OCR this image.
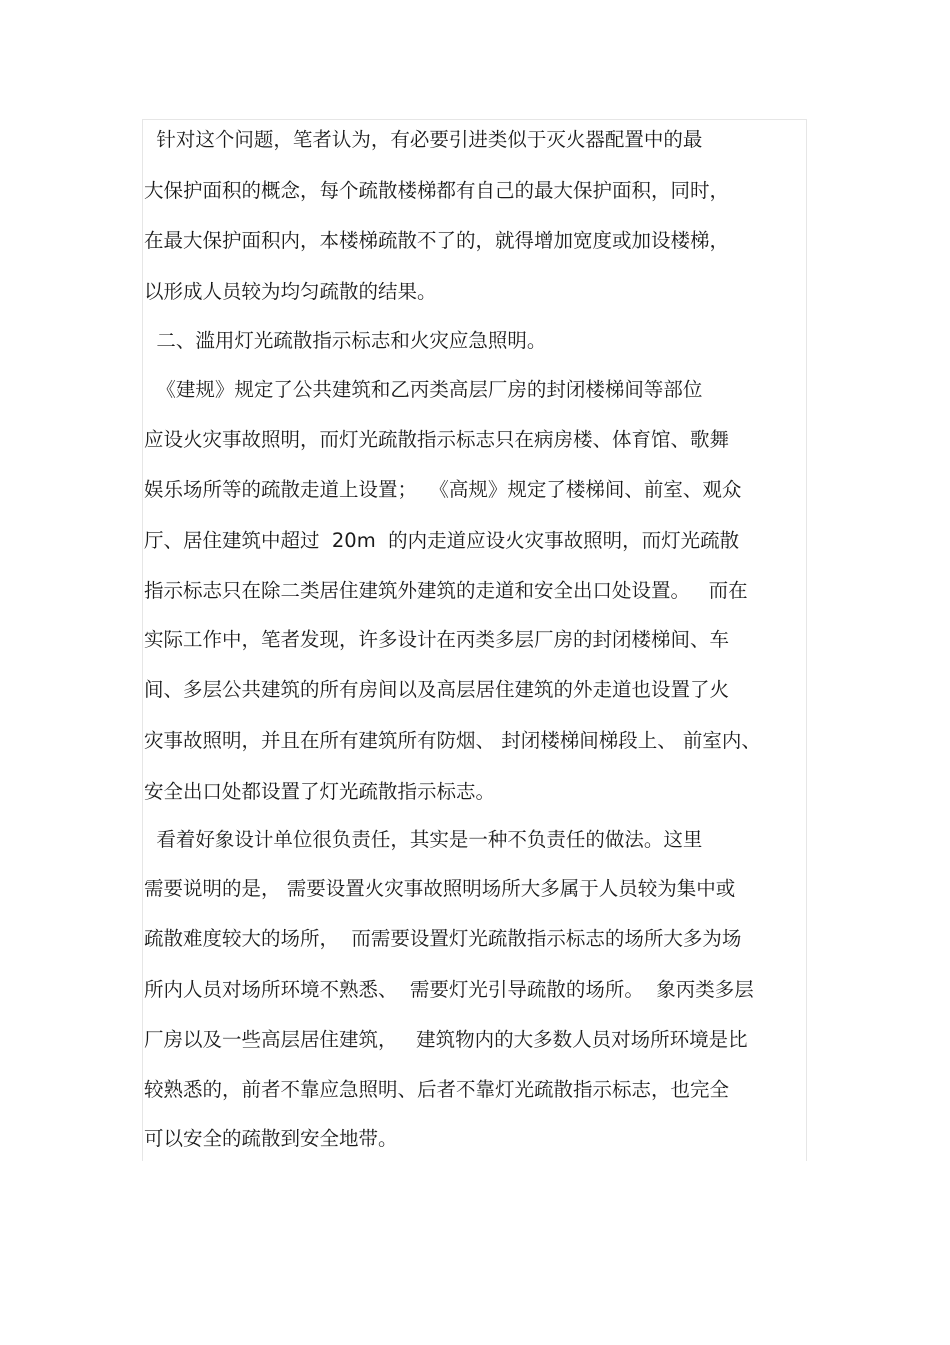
针对这个问题，笔者认为，有必要引进类似于灭火器配置中的最
大保护面积的概念，每个疏散楼梯都有自己的最大保护面积，同时，
在最大保护面积内，本楼梯疏散不了的，就得增加宽度或加设楼梯，
以形成人员较为均匀疏散的结果。
二、滥用灯光疏散指示标志和火灾应急照明。
《建规》规定了公共建筑和乙丙类高层厂房的封闭楼梯间等部位
应设火灾事故照明，而灯光疏散指示标志只在病房楼、体育馆、歌舞
娱乐场所等的疏散走道上设置；  《高规》规定了楼梯间、前室、观众
厅、居住建筑中超过  20m  的内走道应设火灾事故照明，而灯光疏散
指示标志只在除二类居住建筑外建筑的走道和安全出口处设置。   而在
实际工作中，笔者发现，许多设计在丙类多层厂房的封闭楼梯间、车
间、多层公共建筑的所有房间以及高层居住建筑的外走道也设置了火
灾事故照明，并且在所有建筑所有防烟、 封闭楼梯间梯段上、 前室内、
安全出口处都设置了灯光疏散指示标志。
看着好象设计单位很负责任，其实是一种不负责任的做法。这里
需要说明的是， 需要设置火灾事故照明场所大多属于人员较为集中或
疏散难度较大的场所，  而需要设置灯光疏散指示标志的场所大多为场
所内人员对场所环境不熟悉、  需要灯光引导疏散的场所。  象丙类多层
厂房以及一些高层居住建筑，   建筑物内的大多数人员对场所环境是比
较熟悉的，前者不靠应急照明、后者不靠灯光疏散指示标志，也完全
可以安全的疏散到安全地带。
